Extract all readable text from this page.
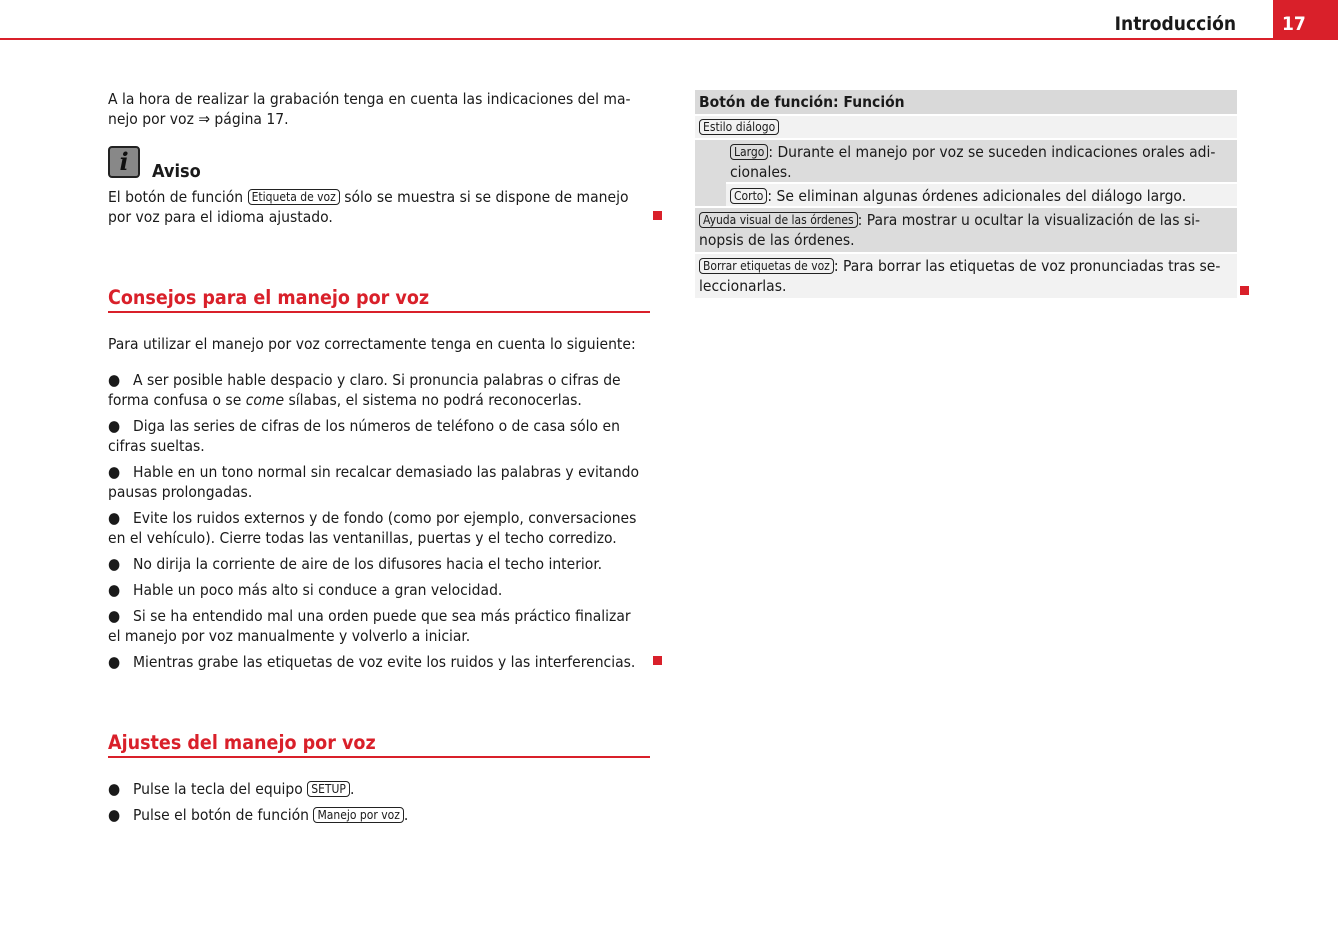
Introducción	17
A la hora de realizar la grabación tenga en cuenta las indicaciones del ma-
nejo por voz ⇒ página 17.
i	Aviso
El botón de función Etiqueta de voz sólo se muestra si se dispone de manejo
por voz para el idioma ajustado.
Consejos para el manejo por voz
Para utilizar el manejo por voz correctamente tenga en cuenta lo siguiente:
● A ser posible hable despacio y claro. Si pronuncia palabras o cifras de
forma confusa o se come sílabas, el sistema no podrá reconocerlas.
● Diga las series de cifras de los números de teléfono o de casa sólo en
cifras sueltas.
● Hable en un tono normal sin recalcar demasiado las palabras y evitando
pausas prolongadas.
● Evite los ruidos externos y de fondo (como por ejemplo, conversaciones
en el vehículo). Cierre todas las ventanillas, puertas y el techo corredizo.
● No dirija la corriente de aire de los difusores hacia el techo interior.
● Hable un poco más alto si conduce a gran velocidad.
● Si se ha entendido mal una orden puede que sea más práctico finalizar
el manejo por voz manualmente y volverlo a iniciar.
● Mientras grabe las etiquetas de voz evite los ruidos y las interferencias.
Ajustes del manejo por voz
● Pulse la tecla del equipo SETUP .
● Pulse el botón de función Manejo por voz .
Botón de función: Función
Estilo diálogo

Largo : Durante el manejo por voz se suceden indicaciones orales adi-
cionales.

Corto : Se eliminan algunas órdenes adicionales del diálogo largo.

Ayuda visual de las órdenes : Para mostrar u ocultar la visualización de las si-
nopsis de las órdenes.

Borrar etiquetas de voz : Para borrar las etiquetas de voz pronunciadas tras se-
leccionarlas.
